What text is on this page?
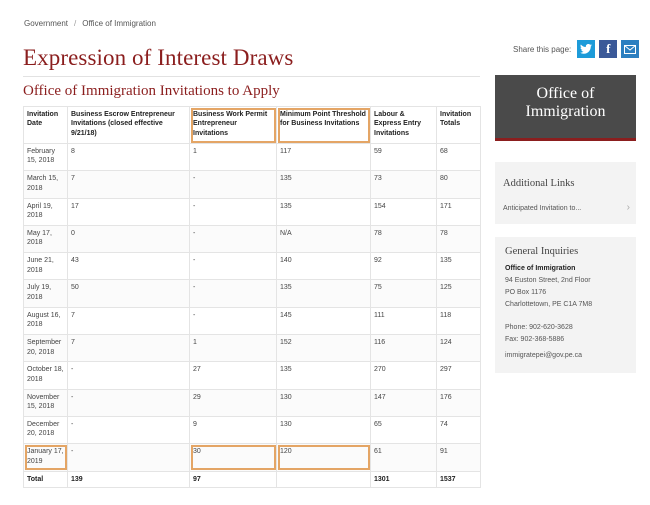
Government / Office of Immigration
Expression of Interest Draws
Office of Immigration Invitations to Apply
Share this page:	f
Invitation Date	Business Escrow Entrepreneur Invitations (closed effective 9/21/18)	Business Work Permit Entrepreneur Invitations	Minimum Point Threshold for Business Invitations	Labour & Express Entry Invitations	Invitation Totals
February 15, 2018	8	1	117	59	68
March 15, 2018	7	-	135	73	80
April 19, 2018	17	-	135	154	171
May 17, 2018	0	-	N/A	78	78
June 21, 2018	43	-	140	92	135
July 19, 2018	50	-	135	75	125
August 16, 2018	7	-	145	111	118
September 20, 2018	7	1	152	116	124
October 18, 2018	-	27	135	270	297
November 15, 2018	-	29	130	147	176
December 20, 2018	-	9	130	65	74
January 17, 2019	-	30	120	61	91
Total	139	97		1301	1537
Office of Immigration
Additional Links
Anticipated Invitation to...	›
General Inquiries
Office of Immigration
94 Euston Street, 2nd Floor
PO Box 1176
Charlottetown, PE C1A 7M8
Phone: 902-620-3628
Fax: 902-368-5886
immigratepei@gov.pe.ca
